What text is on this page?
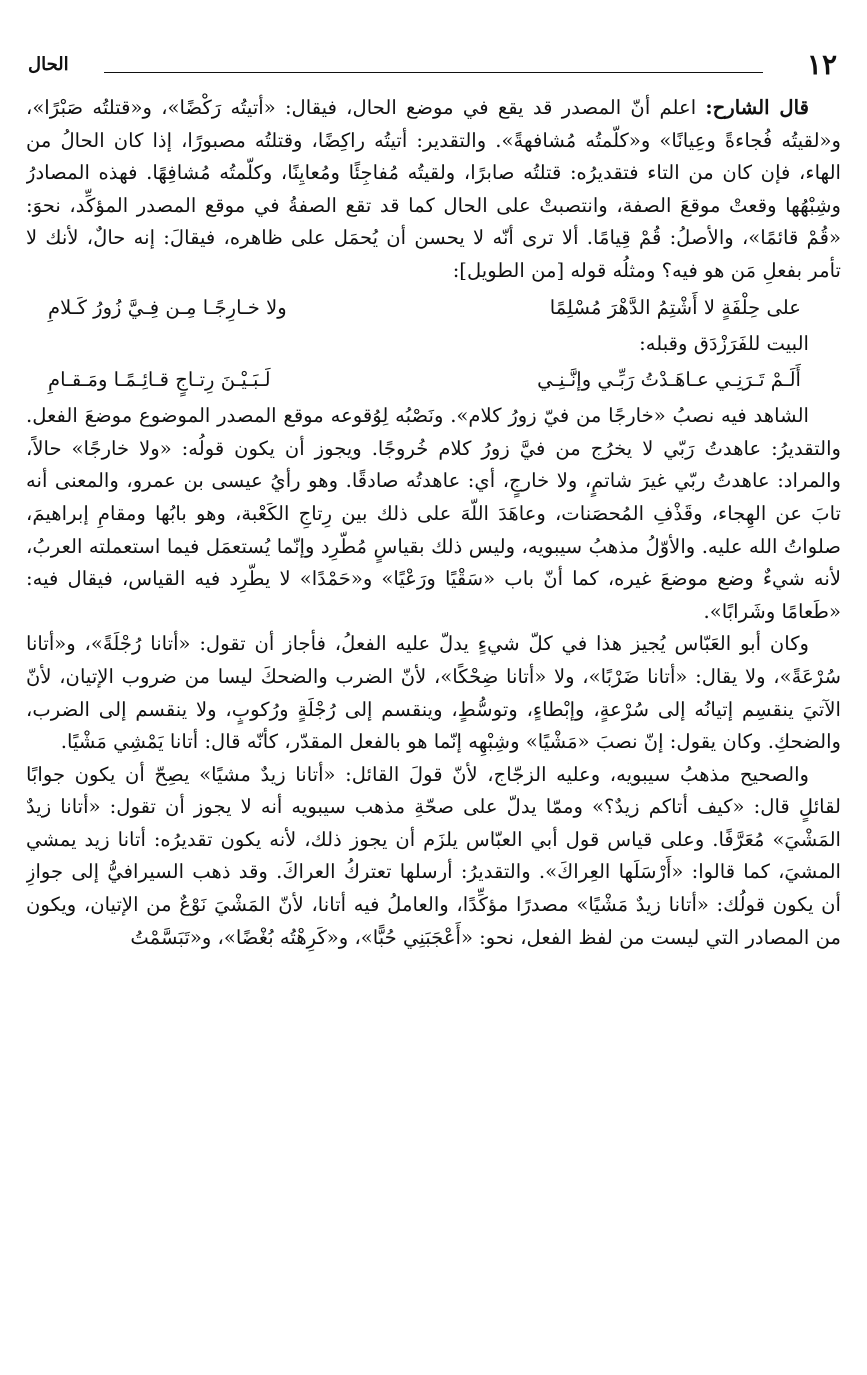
١٢
الحال

قال الشارح: اعلم أنّ المصدر قد يقع في موضع الحال، فيقال: «أتيتُه رَكْضًا»، و«قتلتُه صَبْرًا»، و«لقيتُه فُجاءةً وعِيانًا» و«كلّمتُه مُشافهةً». والتقدير: أتيتُه راكِضًا، وقتلتُه مصبورًا، إذا كان الحالُ من الهاء، فإن كان من التاء فتقديرُه: قتلتُه صابرًا، ولقيتُه مُفاجِئًا ومُعايِنًا، وكلّمتُه مُشافِهًا. فهذه المصادرُ وشِبْهُها وقعتْ موقعَ الصفة، وانتصبتْ على الحال كما قد تقع الصفةُ في موقع المصدر المؤكِّد، نحوَ: «قُمْ قائمًا»، والأصلُ: قُمْ قِيامًا. ألا ترى أنّه لا يحسن أن يُحمَل على ظاهره، فيقالَ: إنه حالٌ، لأنك لا تأمر بفعلِ مَن هو فيه؟ ومثلُه قوله [من الطويل]:

على حِلْفَةٍ لا أَشْتِمُ الدَّهْرَ مُسْلِمًا
ولا خـارِجًـا مِـن فِـيَّ زُورُ كَـلامِ

البيت للفَرَزْدَق وقبله:

أَلَـمْ تَـرَنِـي عـاهَـدْتُ رَبِّـي وإنَّـنِـي
لَـبَـيْـنَ رِتـاجٍ قـائِـمًـا ومَـقـامِ

الشاهد فيه نصبُ «خارجًا من فيّ زورُ كلام». ونَصْبُه لِوُقوعه موقع المصدر الموضوع موضعَ الفعل. والتقديرُ: عاهدتُ رَبّي لا يخرُج من فيَّ زورُ كلام خُروجًا. ويجوز أن يكون قولُه: «ولا خارجًا» حالاً، والمراد: عاهدتُ ربّي غيرَ شاتمٍ، ولا خارجٍ، أي: عاهدتُه صادقًا. وهو رأيُ عيسى بن عمرو، والمعنى أنه تابَ عن الهِجاء، وقَذْفِ المُحصَنات، وعاهَدَ اللّهَ على ذلك بين رِتاجِ الكَعْبة، وهو بابُها ومقامِ إبراهيمَ، صلواتُ الله عليه. والأوّلُ مذهبُ سيبويه، وليس ذلك بقياسٍ مُطّرِد وإنّما يُستعمَل فيما استعملته العربُ، لأنه شيءٌ وضع موضعَ غيره، كما أنّ باب «سَقْيًا ورَعْيًا» و«حَمْدًا» لا يطّرِد فيه القياس، فيقال فيه: «طَعامًا وشَرابًا».

وكان أبو العَبّاس يُجيز هذا في كلّ شيءٍ يدلّ عليه الفعلُ، فأجاز أن تقول: «أتانا رُجْلَةً»، و«أتانا سُرْعَةً»، ولا يقال: «أتانا ضَرْبًا»، ولا «أتانا ضِحْكًا»، لأنّ الضرب والضحكَ ليسا من ضروب الإتيان، لأنّ الآتيَ ينقسِم إتيانُه إلى سُرْعةٍ، وإبْطاءٍ، وتوسُّطٍ، وينقسم إلى رُجْلَةٍ ورُكوبٍ، ولا ينقسم إلى الضرب، والضحكِ. وكان يقول: إنّ نصبَ «مَشْيًا» وشِبْهِه إنّما هو بالفعل المقدّر، كأنّه قال: أتانا يَمْشِي مَشْيًا.

والصحيح مذهبُ سيبويه، وعليه الزجّاج، لأنّ قولَ القائل: «أتانا زيدٌ مشيًا» يصِحّ أن يكون جوابًا لقائلٍ قال: «كيف أتاكم زيدٌ؟» وممّا يدلّ على صحّةِ مذهب سيبويه أنه لا يجوز أن تقول: «أتانا زيدٌ المَشْيَ» مُعَرَّفًا. وعلى قياس قول أبي العبّاس يلزَم أن يجوز ذلك، لأنه يكون تقديرُه: أتانا زيد يمشي المشيَ، كما قالوا: «أَرْسَلَها العِراكَ». والتقديرُ: أرسلها تعتركُ العراكَ. وقد ذهب السيرافيُّ إلى جوازِ أن يكون قولُك: «أتانا زيدٌ مَشْيًا» مصدرًا مؤكِّدًا، والعاملُ فيه أتانا، لأنّ المَشْيَ نَوْعٌ من الإتيان، ويكون من المصادر التي ليست من لفظ الفعل، نحو: «أَعْجَبَنِي حُبًّا»، و«كَرِهْتُه بُغْضًا»، و«تَبَسَّمْتُ
